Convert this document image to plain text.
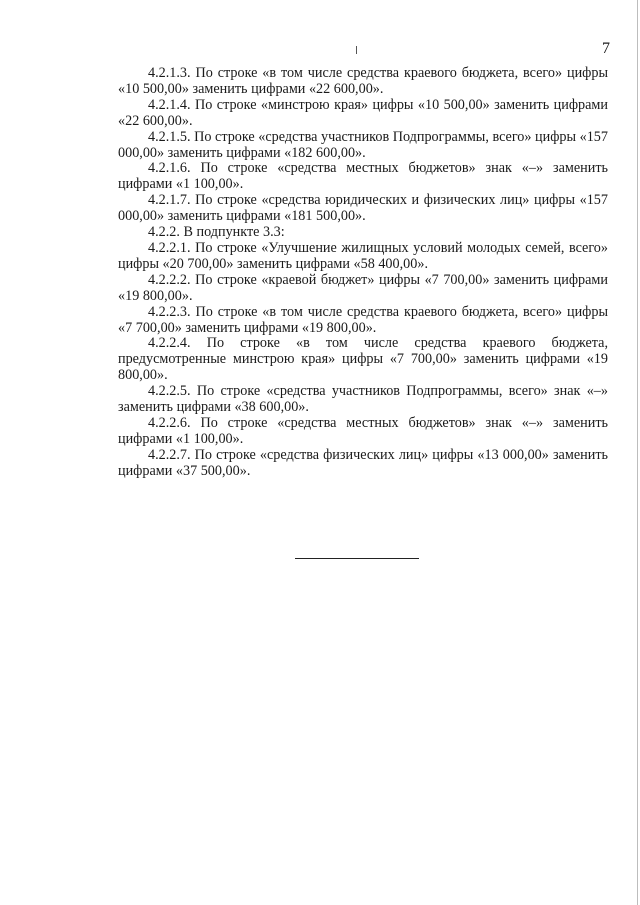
7

4.2.1.3. По строке «в том числе средства краевого бюджета, всего» цифры «10 500,00» заменить цифрами «22 600,00».

4.2.1.4. По строке «минстрою края» цифры «10 500,00» заменить цифрами «22 600,00».

4.2.1.5. По строке «средства участников Подпрограммы, всего» цифры «157 000,00» заменить цифрами «182 600,00».

4.2.1.6. По строке «средства местных бюджетов» знак «–» заменить цифрами «1 100,00».

4.2.1.7. По строке «средства юридических и физических лиц» цифры «157 000,00» заменить цифрами «181 500,00».

4.2.2. В подпункте 3.3:

4.2.2.1. По строке «Улучшение жилищных условий молодых семей, всего» цифры «20 700,00» заменить цифрами «58 400,00».

4.2.2.2. По строке «краевой бюджет» цифры «7 700,00» заменить цифрами «19 800,00».

4.2.2.3. По строке «в том числе средства краевого бюджета, всего» цифры «7 700,00» заменить цифрами «19 800,00».

4.2.2.4. По строке «в том числе средства краевого бюджета, предусмотренные минстрою края» цифры «7 700,00» заменить цифрами «19 800,00».

4.2.2.5. По строке «средства участников Подпрограммы, всего» знак «–» заменить цифрами «38 600,00».

4.2.2.6. По строке «средства местных бюджетов» знак «–» заменить цифрами «1 100,00».

4.2.2.7. По строке «средства физических лиц» цифры «13 000,00» заменить цифрами «37 500,00».
